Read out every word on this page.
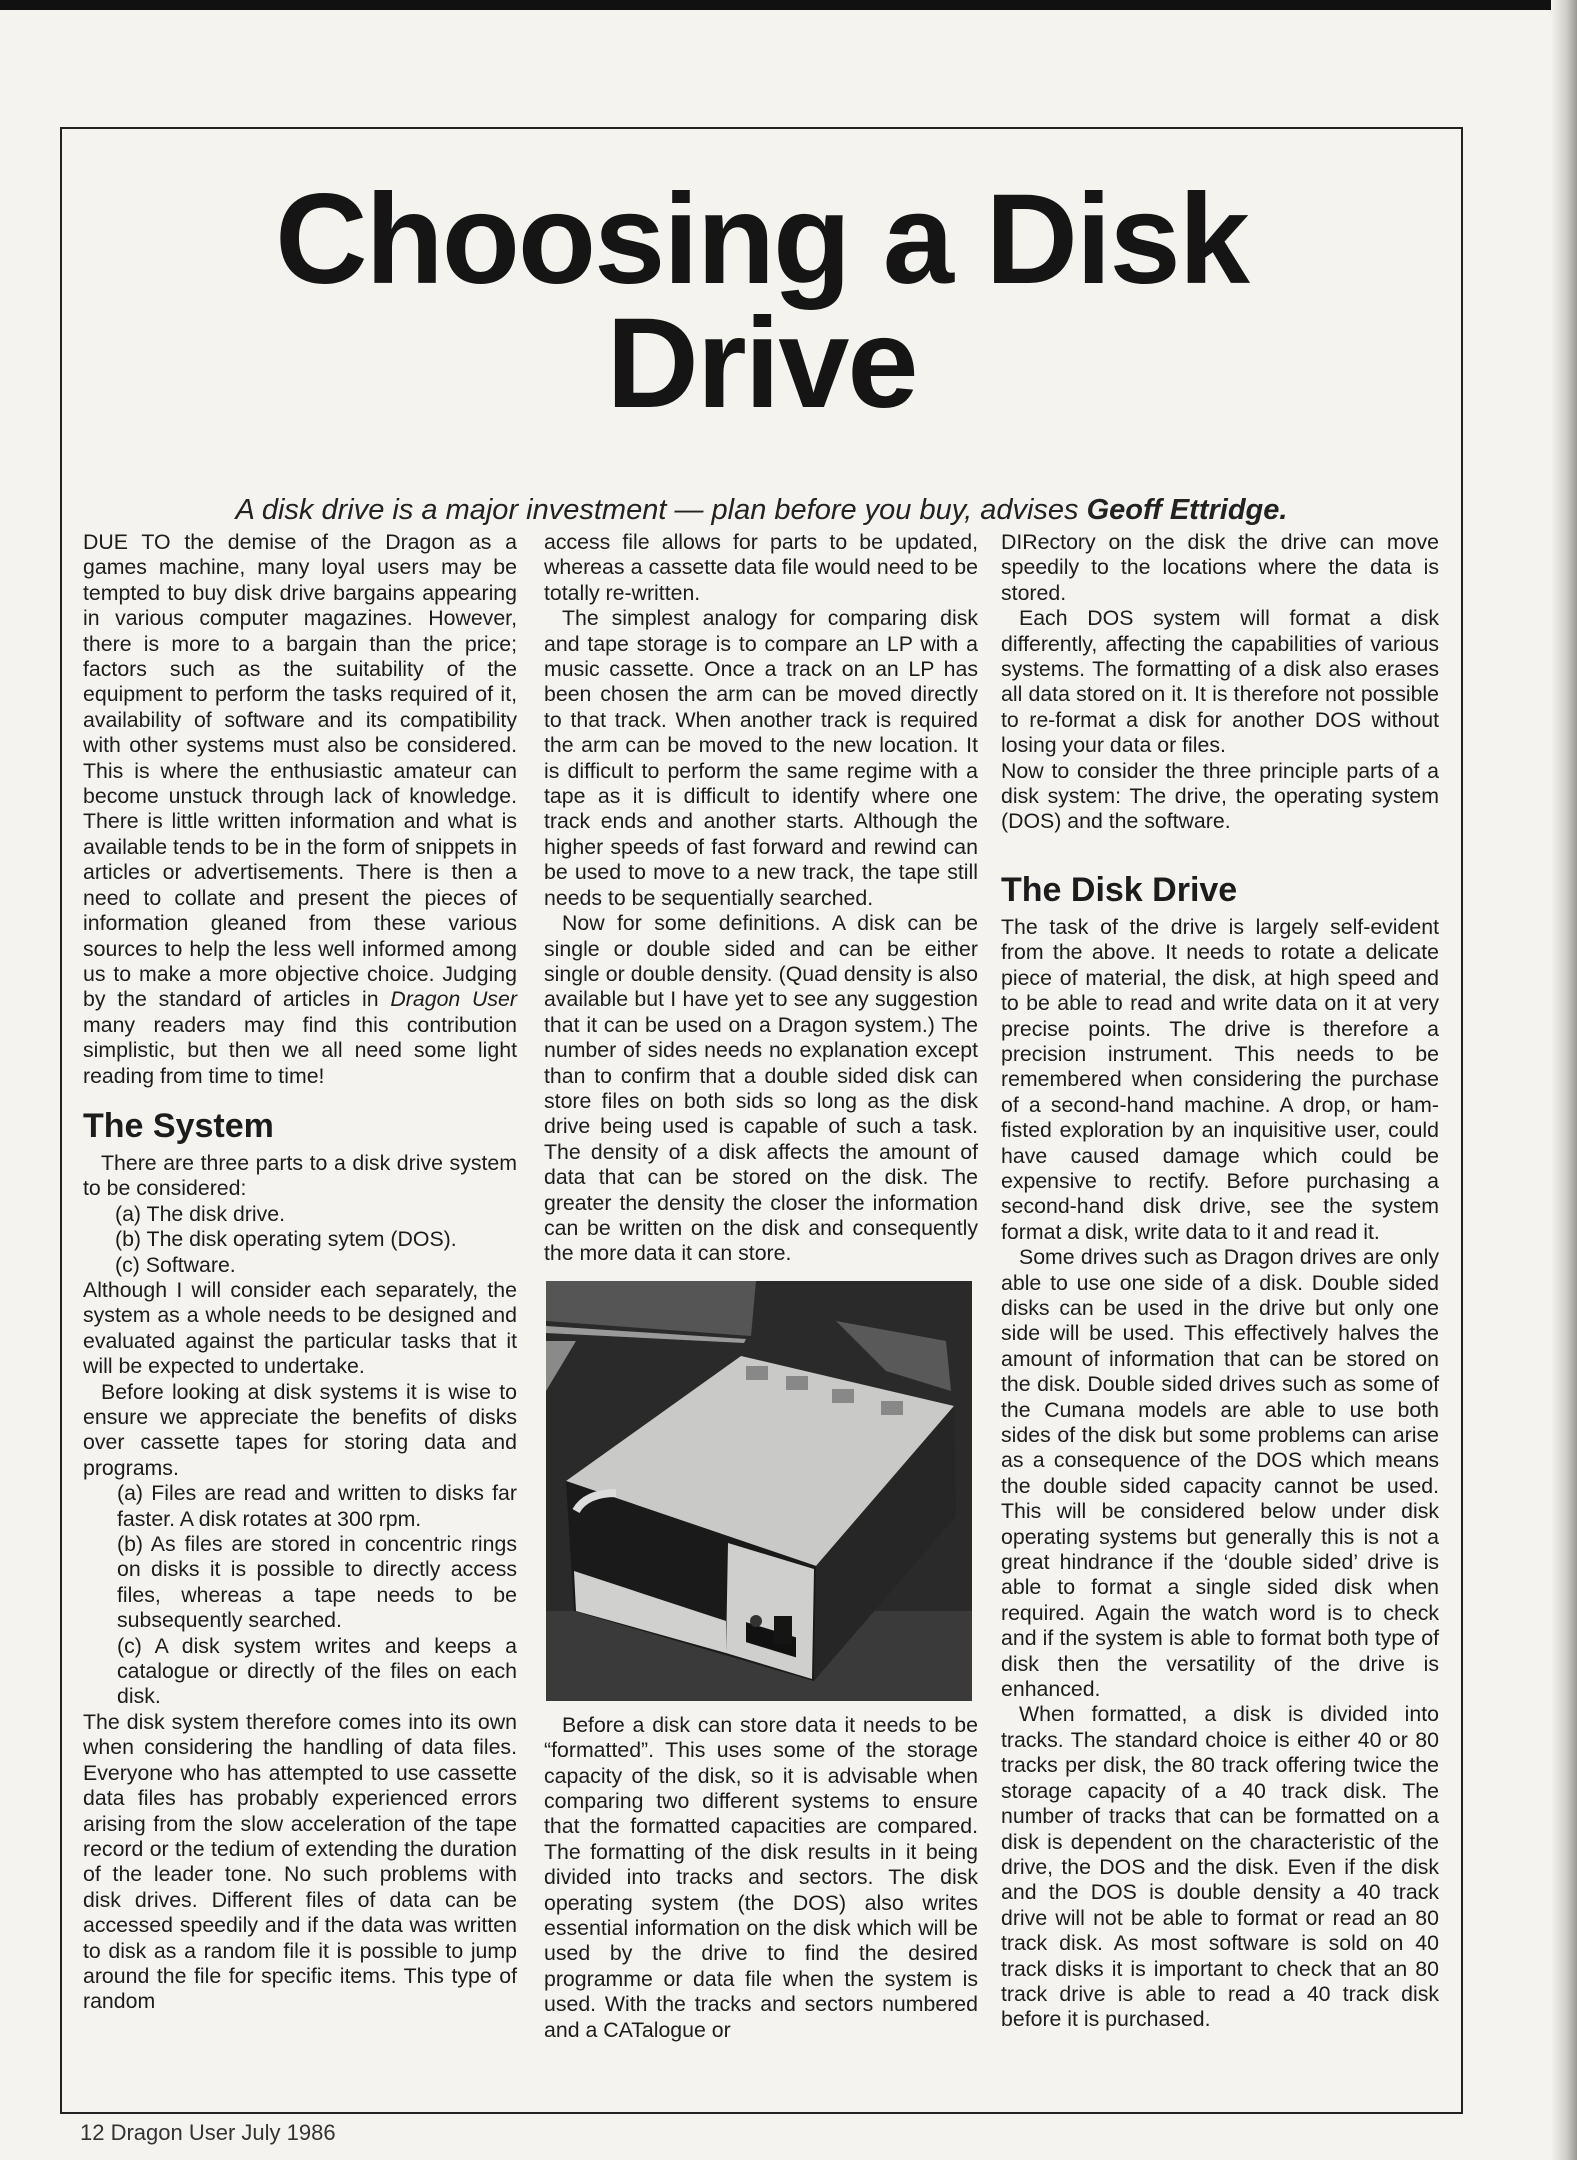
Choosing a Disk
Drive
A disk drive is a major investment — plan before you buy, advises Geoff Ettridge.

DUE TO the demise of the Dragon as a games machine, many loyal users may be tempted to buy disk drive bargains appearing in various computer magazines. However, there is more to a bargain than the price; factors such as the suitability of the equipment to perform the tasks required of it, availability of software and its compatibility with other systems must also be considered. This is where the enthusiastic amateur can become unstuck through lack of knowledge. There is little written information and what is available tends to be in the form of snippets in articles or advertisements. There is then a need to collate and present the pieces of information gleaned from these various sources to help the less well informed among us to make a more objective choice. Judging by the standard of articles in Dragon User many readers may find this contribution simplistic, but then we all need some light reading from time to time!

The System

There are three parts to a disk drive system to be considered:

(a) The disk drive.

(b) The disk operating sytem (DOS).

(c) Software.

Although I will consider each separately, the system as a whole needs to be designed and evaluated against the particular tasks that it will be expected to undertake.

Before looking at disk systems it is wise to ensure we appreciate the benefits of disks over cassette tapes for storing data and programs.

(a) Files are read and written to disks far faster. A disk rotates at 300 rpm.

(b) As files are stored in concentric rings on disks it is possible to directly access files, whereas a tape needs to be subsequently searched.

(c) A disk system writes and keeps a catalogue or directly of the files on each disk.

The disk system therefore comes into its own when considering the handling of data files. Everyone who has attempted to use cassette data files has probably experienced errors arising from the slow acceleration of the tape record or the tedium of extending the duration of the leader tone. No such problems with disk drives. Different files of data can be accessed speedily and if the data was written to disk as a random file it is possible to jump around the file for specific items. This type of random

access file allows for parts to be updated, whereas a cassette data file would need to be totally re-written.

The simplest analogy for comparing disk and tape storage is to compare an LP with a music cassette. Once a track on an LP has been chosen the arm can be moved directly to that track. When another track is required the arm can be moved to the new location. It is difficult to perform the same regime with a tape as it is difficult to identify where one track ends and another starts. Although the higher speeds of fast forward and rewind can be used to move to a new track, the tape still needs to be sequentially searched.

Now for some definitions. A disk can be single or double sided and can be either single or double density. (Quad density is also available but I have yet to see any suggestion that it can be used on a Dragon system.) The number of sides needs no explanation except than to confirm that a double sided disk can store files on both sids so long as the disk drive being used is capable of such a task. The density of a disk affects the amount of data that can be stored on the disk. The greater the density the closer the information can be written on the disk and consequently the more data it can store.

Before a disk can store data it needs to be “formatted”. This uses some of the storage capacity of the disk, so it is advisable when comparing two different systems to ensure that the formatted capacities are compared. The formatting of the disk results in it being divided into tracks and sectors. The disk operating system (the DOS) also writes essential information on the disk which will be used by the drive to find the desired programme or data file when the system is used. With the tracks and sectors numbered and a CATalogue or

DIRectory on the disk the drive can move speedily to the locations where the data is stored.

Each DOS system will format a disk differently, affecting the capabilities of various systems. The formatting of a disk also erases all data stored on it. It is therefore not possible to re-format a disk for another DOS without losing your data or files.

Now to consider the three principle parts of a disk system: The drive, the operating system (DOS) and the software.

The Disk Drive

The task of the drive is largely self-evident from the above. It needs to rotate a delicate piece of material, the disk, at high speed and to be able to read and write data on it at very precise points. The drive is therefore a precision instrument. This needs to be remembered when considering the purchase of a second-hand machine. A drop, or ham-fisted exploration by an inquisitive user, could have caused damage which could be expensive to rectify. Before purchasing a second-hand disk drive, see the system format a disk, write data to it and read it.

Some drives such as Dragon drives are only able to use one side of a disk. Double sided disks can be used in the drive but only one side will be used. This effectively halves the amount of information that can be stored on the disk. Double sided drives such as some of the Cumana models are able to use both sides of the disk but some problems can arise as a consequence of the DOS which means the double sided capacity cannot be used. This will be considered below under disk operating systems but generally this is not a great hindrance if the ‘double sided’ drive is able to format a single sided disk when required. Again the watch word is to check and if the system is able to format both type of disk then the versatility of the drive is enhanced.

When formatted, a disk is divided into tracks. The standard choice is either 40 or 80 tracks per disk, the 80 track offering twice the storage capacity of a 40 track disk. The number of tracks that can be formatted on a disk is dependent on the characteristic of the drive, the DOS and the disk. Even if the disk and the DOS is double density a 40 track drive will not be able to format or read an 80 track disk. As most software is sold on 40 track disks it is important to check that an 80 track drive is able to read a 40 track disk before it is purchased.

12 Dragon User July 1986
